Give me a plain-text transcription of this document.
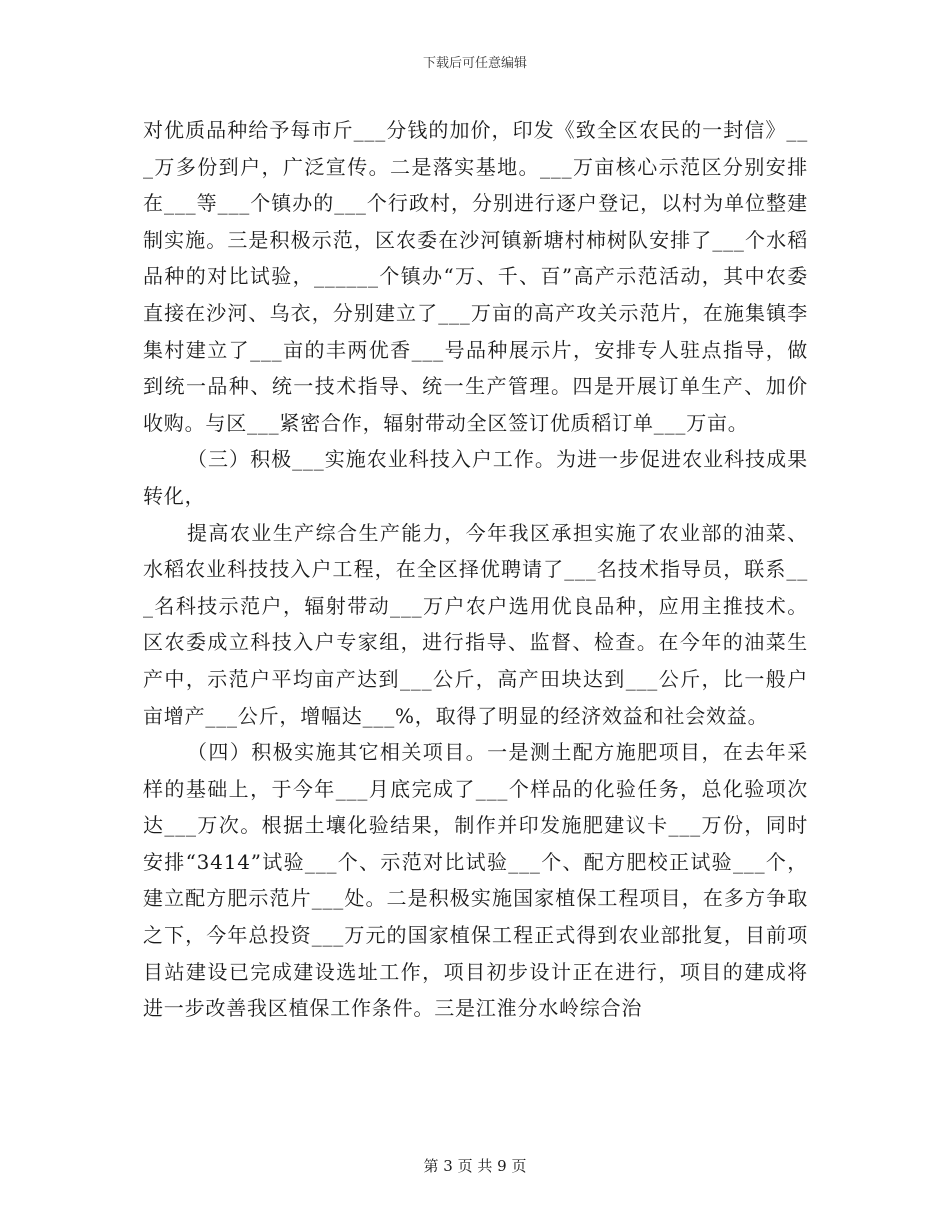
下载后可任意编辑

对优质品种给予每市斤___分钱的加价，印发《致全区农民的一封信》___万多份到户，广泛宣传。二是落实基地。___万亩核心示范区分别安排在___等___个镇办的___个行政村，分别进行逐户登记，以村为单位整建制实施。三是积极示范，区农委在沙河镇新塘村柿树队安排了___个水稻品种的对比试验，______个镇办“万、千、百”高产示范活动，其中农委直接在沙河、乌衣，分别建立了___万亩的高产攻关示范片，在施集镇李集村建立了___亩的丰两优香___号品种展示片，安排专人驻点指导，做到统一品种、统一技术指导、统一生产管理。四是开展订单生产、加价收购。与区___紧密合作，辐射带动全区签订优质稻订单___万亩。

（三）积极___实施农业科技入户工作。为进一步促进农业科技成果转化，

提高农业生产综合生产能力，今年我区承担实施了农业部的油菜、水稻农业科技技入户工程，在全区择优聘请了___名技术指导员，联系___名科技示范户，辐射带动___万户农户选用优良品种，应用主推技术。区农委成立科技入户专家组，进行指导、监督、检查。在今年的油菜生产中，示范户平均亩产达到___公斤，高产田块达到___公斤，比一般户亩增产___公斤，增幅达___%，取得了明显的经济效益和社会效益。

（四）积极实施其它相关项目。一是测土配方施肥项目，在去年采样的基础上，于今年___月底完成了___个样品的化验任务，总化验项次达___万次。根据土壤化验结果，制作并印发施肥建议卡___万份，同时安排“3414”试验___个、示范对比试验___个、配方肥校正试验___个，建立配方肥示范片___处。二是积极实施国家植保工程项目，在多方争取之下，今年总投资___万元的国家植保工程正式得到农业部批复，目前项目站建设已完成建设选址工作，项目初步设计正在进行，项目的建成将进一步改善我区植保工作条件。三是江淮分水岭综合治

第 3 页 共 9 页
